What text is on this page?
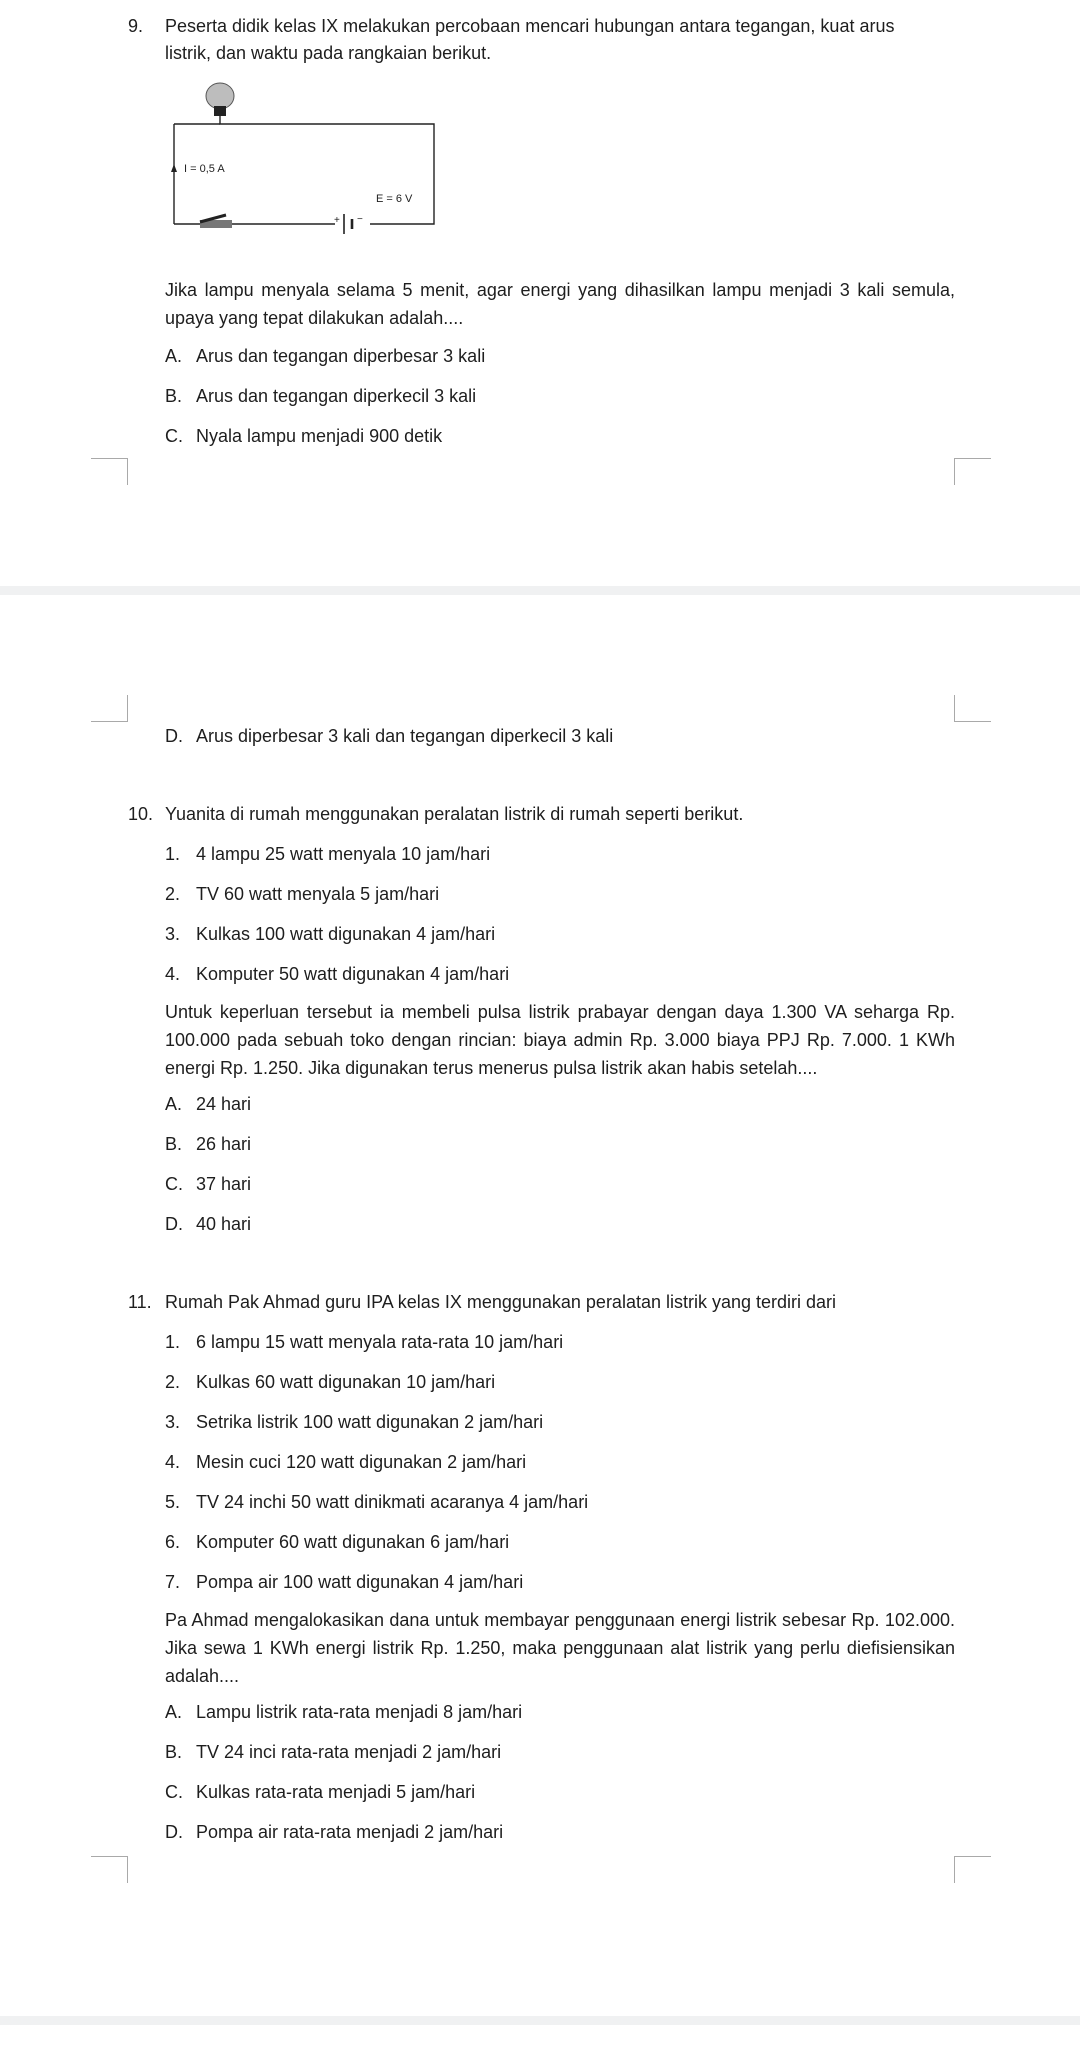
9. Peserta didik kelas IX melakukan percobaan mencari hubungan antara tegangan, kuat arus
listrik, dan waktu pada rangkaian berikut.
I = 0,5 A
E = 6 V
+ −
Jika lampu menyala selama 5 menit, agar energi yang dihasilkan lampu menjadi 3 kali semula, upaya yang tepat dilakukan adalah....
A. Arus dan tegangan diperbesar 3 kali
B. Arus dan tegangan diperkecil 3 kali
C. Nyala lampu menjadi 900 detik
D. Arus diperbesar 3 kali dan tegangan diperkecil 3 kali
10. Yuanita di rumah menggunakan peralatan listrik di rumah seperti berikut.
1. 4 lampu 25 watt menyala 10 jam/hari
2. TV 60 watt menyala 5 jam/hari
3. Kulkas 100 watt digunakan 4 jam/hari
4. Komputer 50 watt digunakan 4 jam/hari
Untuk keperluan tersebut ia membeli pulsa listrik prabayar dengan daya 1.300 VA seharga Rp. 100.000 pada sebuah toko dengan rincian: biaya admin Rp. 3.000 biaya PPJ Rp. 7.000. 1 KWh energi Rp. 1.250. Jika digunakan terus menerus pulsa listrik akan habis setelah....
A. 24 hari
B. 26 hari
C. 37 hari
D. 40 hari
11. Rumah Pak Ahmad guru IPA kelas IX menggunakan peralatan listrik yang terdiri dari
1. 6 lampu 15 watt menyala rata-rata 10 jam/hari
2. Kulkas 60 watt digunakan 10 jam/hari
3. Setrika listrik 100 watt digunakan 2 jam/hari
4. Mesin cuci 120 watt digunakan 2 jam/hari
5. TV 24 inchi 50 watt dinikmati acaranya 4 jam/hari
6. Komputer 60 watt digunakan 6 jam/hari
7. Pompa air 100 watt digunakan 4 jam/hari
Pa Ahmad mengalokasikan dana untuk membayar penggunaan energi listrik sebesar Rp. 102.000. Jika sewa 1 KWh energi listrik Rp. 1.250, maka penggunaan alat listrik yang perlu diefisiensikan adalah....
A. Lampu listrik rata-rata menjadi 8 jam/hari
B. TV 24 inci rata-rata menjadi 2 jam/hari
C. Kulkas rata-rata menjadi 5 jam/hari
D. Pompa air rata-rata menjadi 2 jam/hari
